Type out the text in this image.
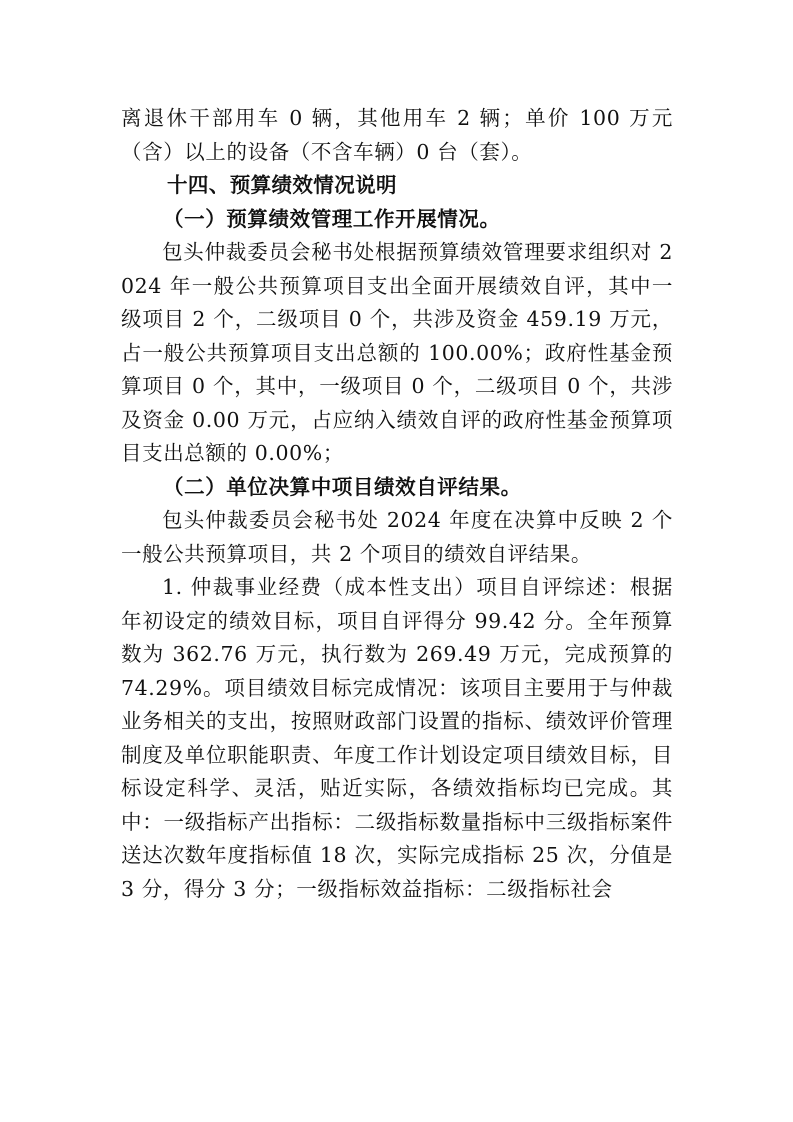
离退休干部用车 0 辆，其他用车 2 辆；单价 100 万元（含）以上的设备（不含车辆）0 台（套）。

十四、预算绩效情况说明

（一）预算绩效管理工作开展情况。

包头仲裁委员会秘书处根据预算绩效管理要求组织对 2024 年一般公共预算项目支出全面开展绩效自评，其中一级项目 2 个，二级项目 0 个，共涉及资金 459.19 万元，占一般公共预算项目支出总额的 100.00%；政府性基金预算项目 0 个，其中，一级项目 0 个，二级项目 0 个，共涉及资金 0.00 万元，占应纳入绩效自评的政府性基金预算项目支出总额的 0.00%；

（二）单位决算中项目绩效自评结果。

包头仲裁委员会秘书处 2024 年度在决算中反映 2 个一般公共预算项目，共 2 个项目的绩效自评结果。

1. 仲裁事业经费（成本性支出）项目自评综述：根据年初设定的绩效目标，项目自评得分 99.42 分。全年预算数为 362.76 万元，执行数为 269.49 万元，完成预算的 74.29%。项目绩效目标完成情况：该项目主要用于与仲裁业务相关的支出，按照财政部门设置的指标、绩效评价管理制度及单位职能职责、年度工作计划设定项目绩效目标，目标设定科学、灵活，贴近实际，各绩效指标均已完成。其中：一级指标产出指标：二级指标数量指标中三级指标案件送达次数年度指标值 18 次，实际完成指标 25 次，分值是 3 分，得分 3 分；一级指标效益指标：二级指标社会
